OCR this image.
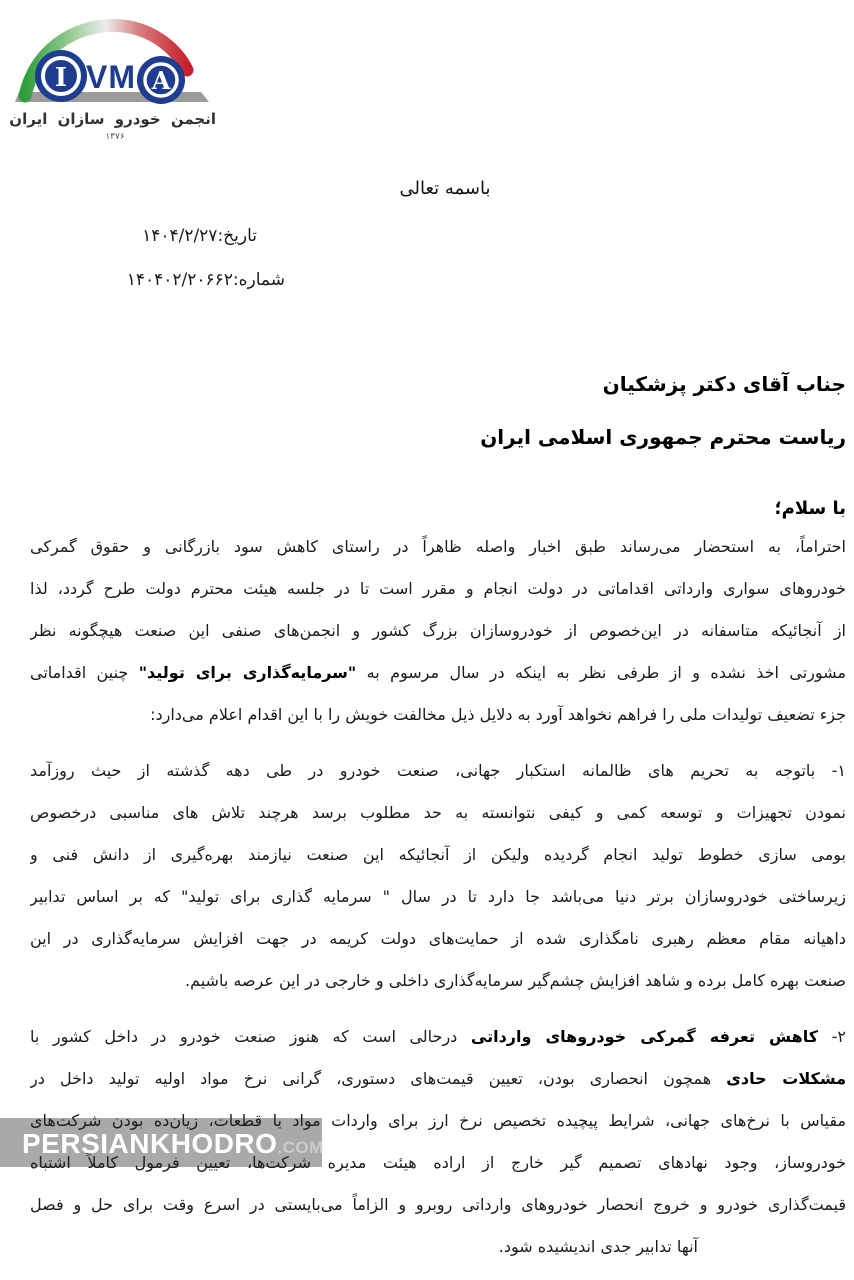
I	A
VM
انجمن خودرو سازان ایران
۱۳۷۶
باسمه تعالی
تاریخ:۱۴۰۴/۲/۲۷
شماره:۱۴۰۴۰۲/۲۰۶۶۲
جناب آقای دکتر پزشکیان
ریاست محترم جمهوری اسلامی ایران
با سلام؛
احتراماً، به استحضار می‌رساند طبق اخبار واصله ظاهراً در راستای کاهش سود بازرگانی و حقوق گمرکی
خودروهای سواری وارداتی اقداماتی در دولت انجام و مقرر است تا در جلسه هیئت محترم دولت طرح گردد، لذا
از آنجائیکه متاسفانه در این‌خصوص از خودروسازان بزرگ کشور و انجمن‌های صنفی این صنعت هیچگونه نظر
مشورتی اخذ نشده و از طرفی نظر به اینکه در سال مرسوم به "سرمایه‌گذاری برای تولید" چنین اقداماتی
جزء تضعیف تولیدات ملی را فراهم نخواهد آورد به دلایل ذیل مخالفت خویش را با این اقدام اعلام می‌دارد:
۱- باتوجه به تحریم های ظالمانه استکبار جهانی، صنعت خودرو در طی دهه گذشته از حیث روزآمد
نمودن تجهیزات و توسعه کمی و کیفی نتوانسته به حد مطلوب برسد هرچند تلاش های مناسبی درخصوص
بومی سازی خطوط تولید انجام گردیده ولیکن از آنجائیکه این صنعت نیازمند بهره‌گیری از دانش فنی و
زیرساختی خودروسازان برتر دنیا می‌باشد جا دارد تا در سال " سرمایه گذاری برای تولید" که بر اساس تدابیر
داهیانه مقام معظم رهبری نامگذاری شده از حمایت‌های دولت کریمه در جهت افزایش سرمایه‌گذاری در این
صنعت بهره کامل برده و شاهد افزایش چشم‌گیر سرمایه‌گذاری داخلی و خارجی در این عرصه باشیم.
۲- کاهش تعرفه گمرکی خودروهای وارداتی درحالی است که هنوز صنعت خودرو در داخل کشور با
مشکلات حادی همچون انحصاری بودن، تعیین قیمت‌های دستوری، گرانی نرخ مواد اولیه تولید داخل در
مقیاس با نرخ‌های جهانی، شرایط پیچیده تخصیص نرخ ارز برای واردات مواد یا قطعات، زیان‌ده بودن شرکت‌های
خودروساز، وجود نهادهای تصمیم گیر خارج از اراده هیئت مدیره شرکت‌ها، تعیین فرمول کاملاً اشتباه
قیمت‌گذاری خودرو و خروج انحصار خودروهای وارداتی روبرو و الزاماً می‌بایستی در اسرع وقت برای حل و فصل
آنها تدابیر جدی اندیشیده شود.
PERSIANKHODRO.COM
